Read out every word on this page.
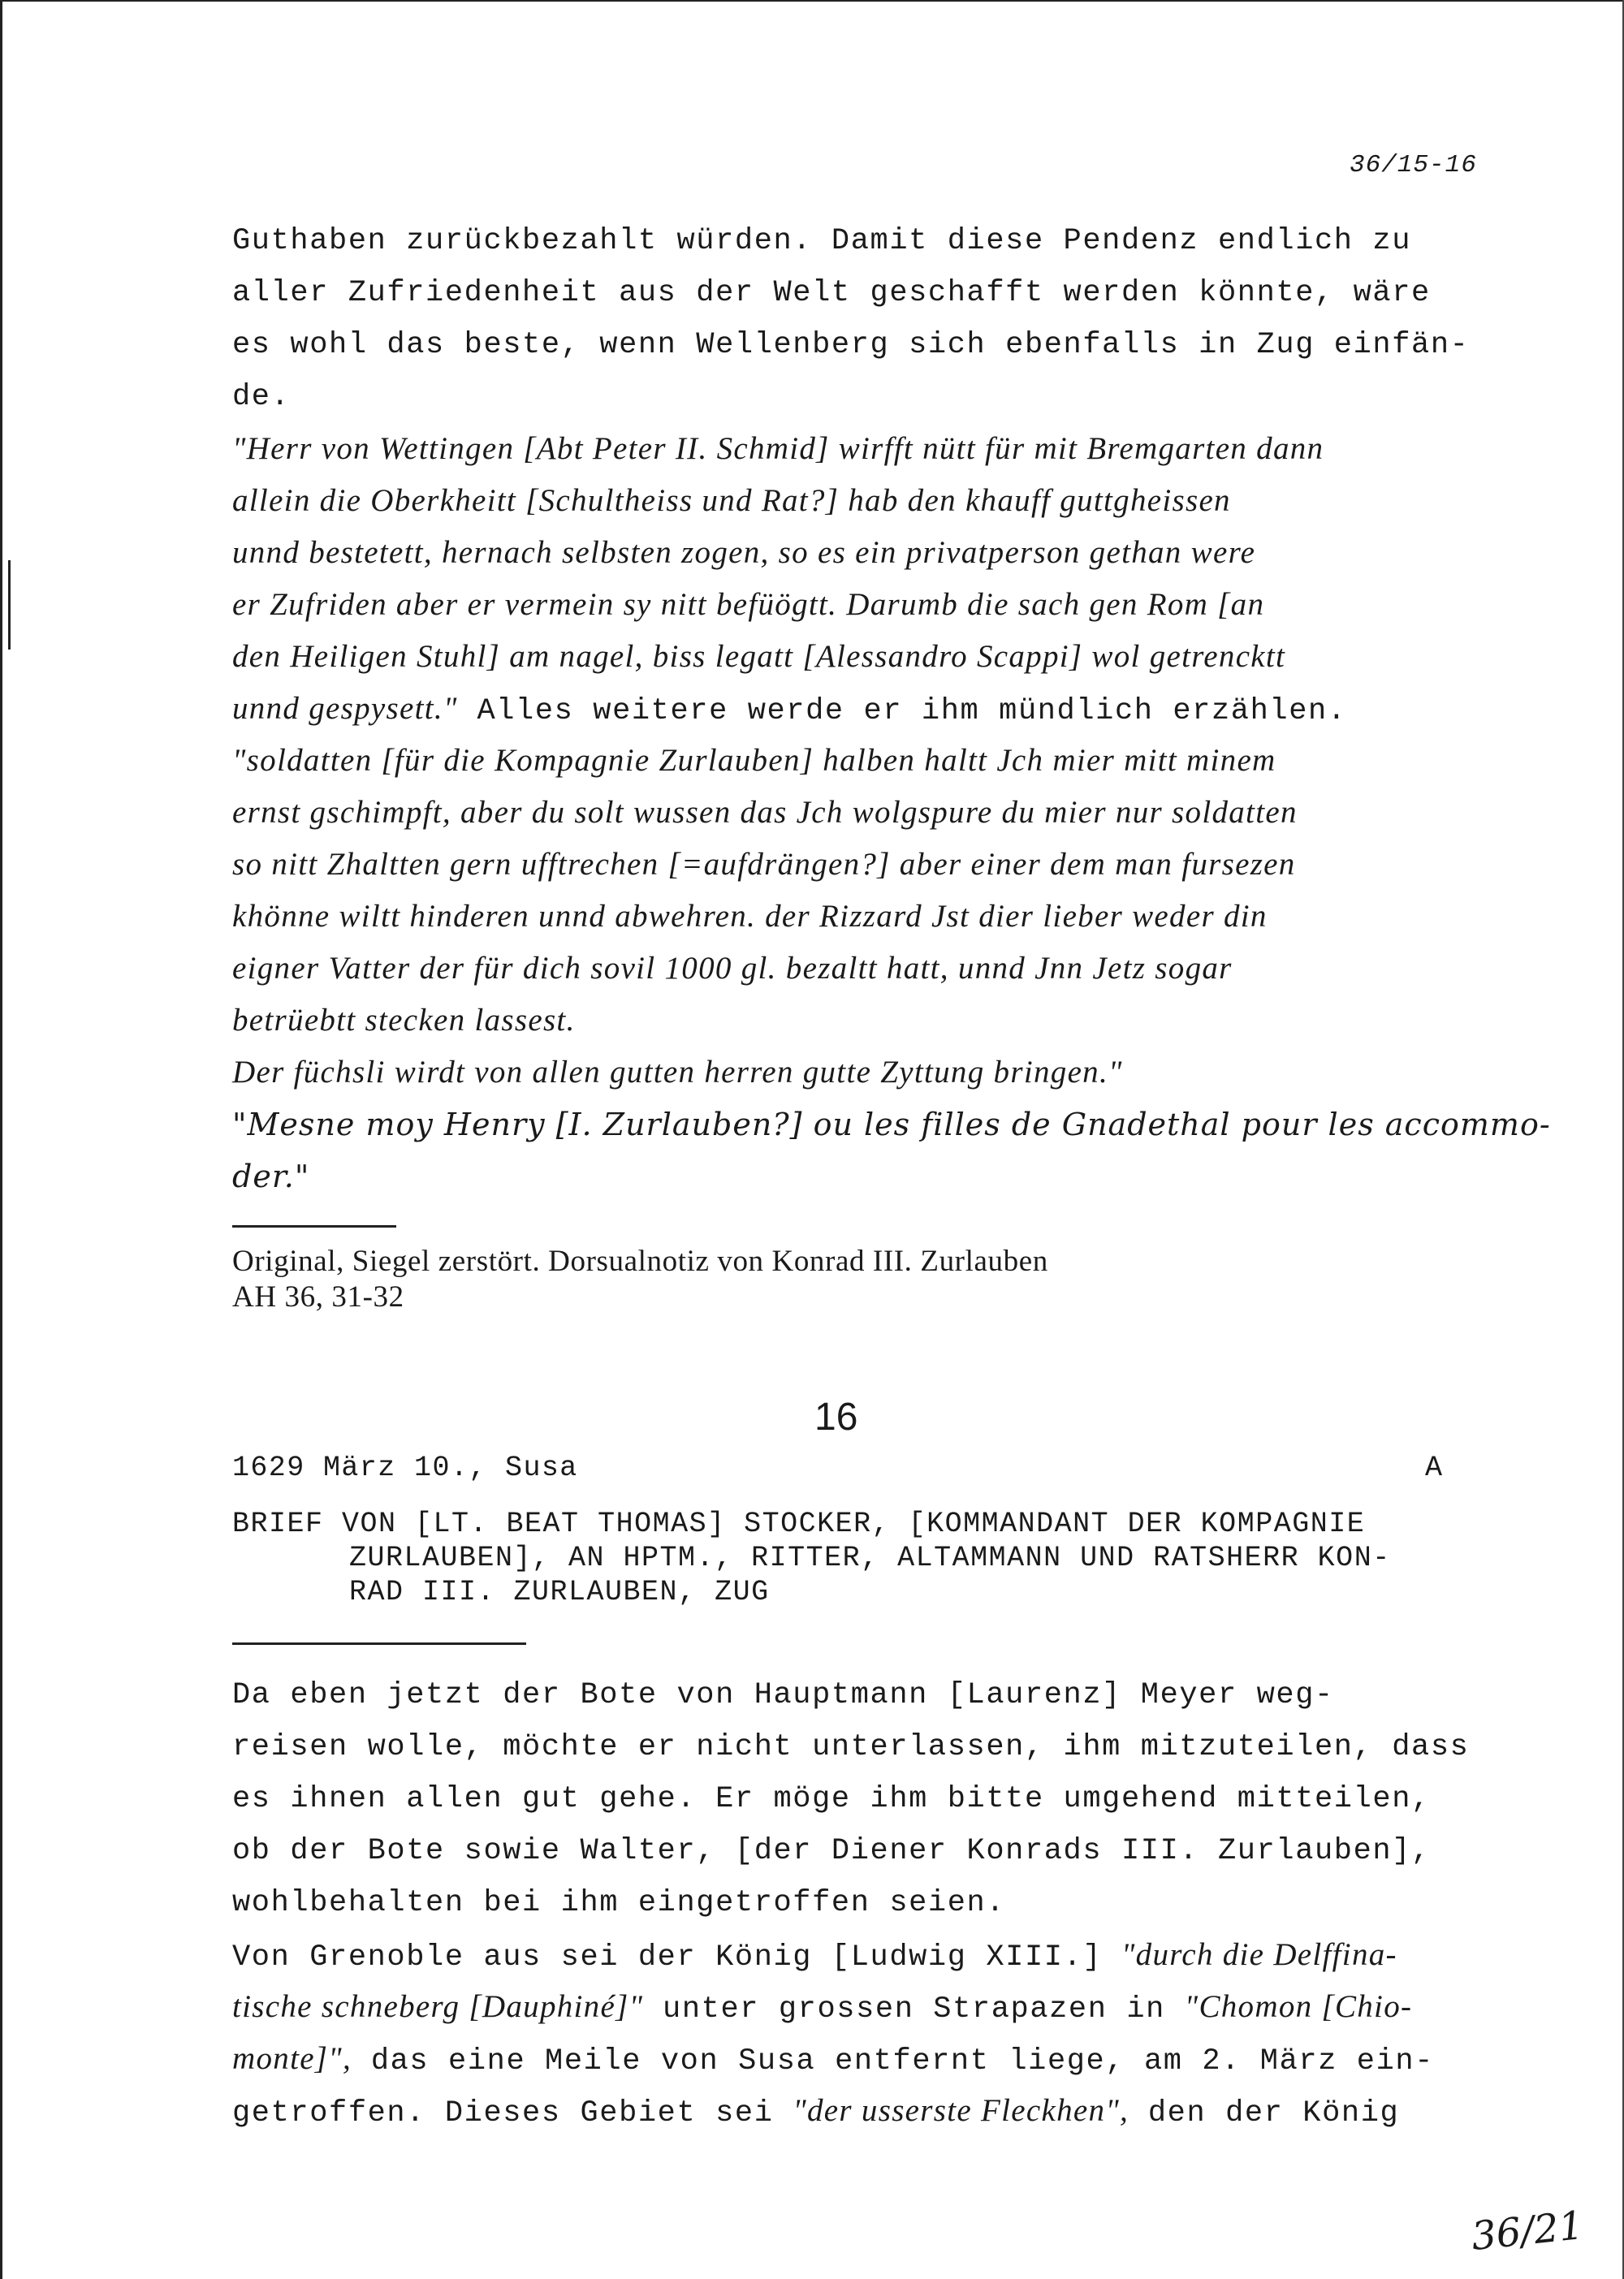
36/15-16
Guthaben zurückbezahlt würden. Damit diese Pendenz endlich zu
aller Zufriedenheit aus der Welt geschafft werden könnte, wäre
es wohl das beste, wenn Wellenberg sich ebenfalls in Zug einfän-
de.
"Herr von Wettingen [Abt Peter II. Schmid] wirfft nütt für mit Bremgarten dann
allein die Oberkheitt [Schultheiss und Rat?] hab den khauff guttgheissen
unnd bestetett, hernach selbsten zogen, so es ein privatperson gethan were
er Zufriden aber er vermein sy nitt befüögtt. Darumb die sach gen Rom [an
den Heiligen Stuhl] am nagel, biss legatt [Alessandro Scappi] wol getrencktt
unnd gespysett." Alles weitere werde er ihm mündlich erzählen.
"soldatten [für die Kompagnie Zurlauben] halben haltt Jch mier mitt minem
ernst gschimpft, aber du solt wussen das Jch wolgspure du mier nur soldatten
so nitt Zhaltten gern ufftrechen [=aufdrängen?] aber einer dem man fursezen
khönne wiltt hinderen unnd abwehren. der Rizzard Jst dier lieber weder din
eigner Vatter der für dich sovil 1000 gl. bezaltt hatt, unnd Jnn Jetz sogar
betrüebtt stecken lassest.
Der füchsli wirdt von allen gutten herren gutte Zyttung bringen."
"Mesne moy Henry [I. Zurlauben?] ou les filles de Gnadethal pour les accommo-
der."
Original, Siegel zerstört. Dorsualnotiz von Konrad III. Zurlauben
AH 36, 31-32
16
1629 März 10., Susa	A
BRIEF VON [LT. BEAT THOMAS] STOCKER, [KOMMANDANT DER KOMPAGNIE
ZURLAUBEN], AN HPTM., RITTER, ALTAMMANN UND RATSHERR KON-
RAD III. ZURLAUBEN, ZUG
Da eben jetzt der Bote von Hauptmann [Laurenz] Meyer weg-
reisen wolle, möchte er nicht unterlassen, ihm mitzuteilen, dass
es ihnen allen gut gehe. Er möge ihm bitte umgehend mitteilen,
ob der Bote sowie Walter, [der Diener Konrads III. Zurlauben],
wohlbehalten bei ihm eingetroffen seien.
Von Grenoble aus sei der König [Ludwig XIII.] "durch die Delffina-
tische schneberg [Dauphiné]" unter grossen Strapazen in "Chomon [Chio-
monte]", das eine Meile von Susa entfernt liege, am 2. März ein-
getroffen. Dieses Gebiet sei "der usserste Fleckhen", den der König
36/21
